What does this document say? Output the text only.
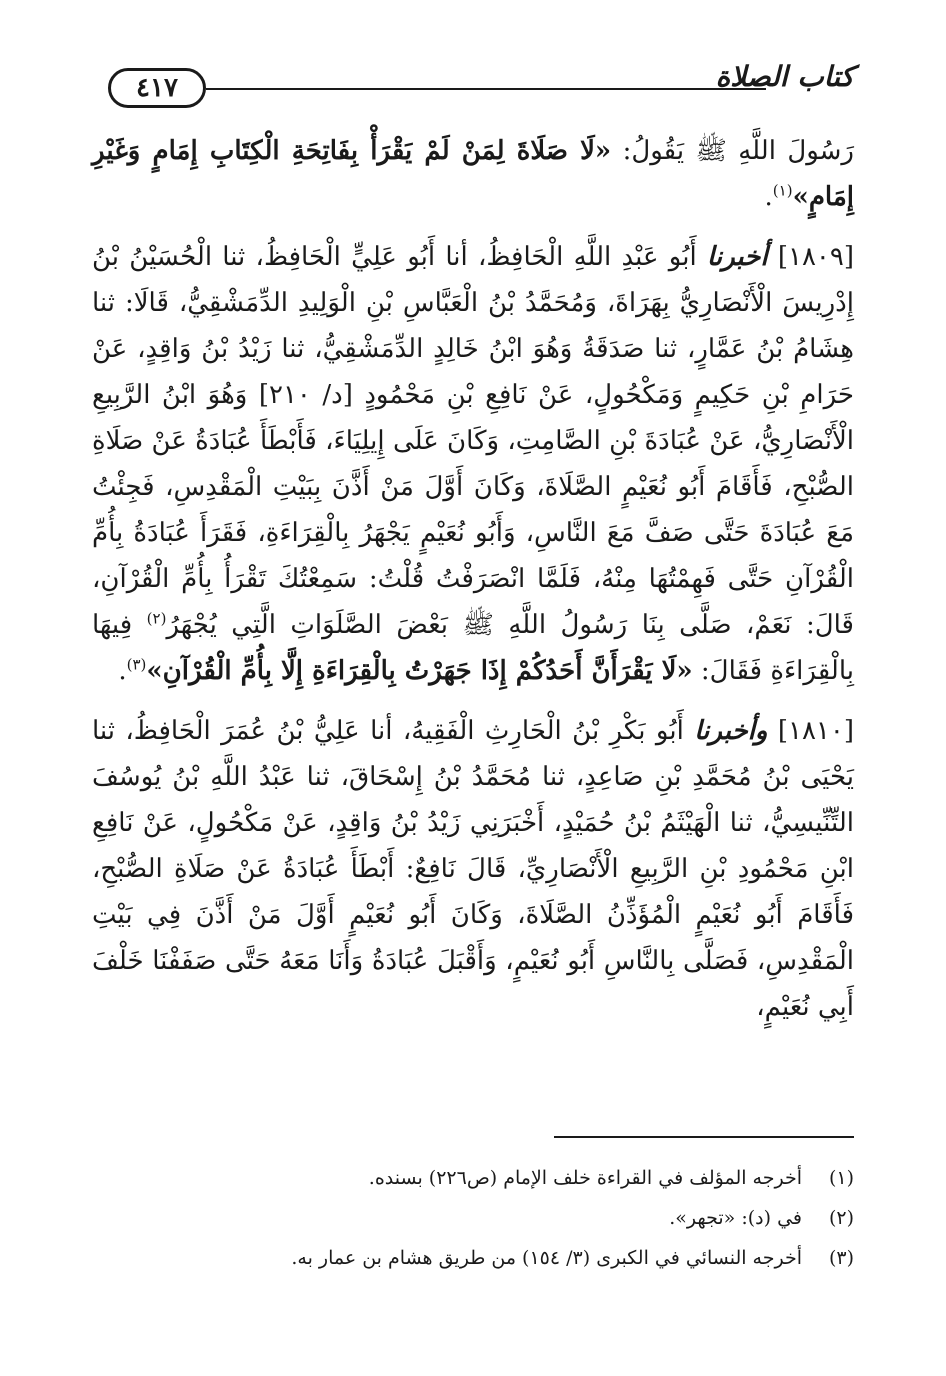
كتاب الصلاة
٤١٧

رَسُولَ اللَّهِ ﷺ يَقُولُ: «لَا صَلَاةَ لِمَنْ لَمْ يَقْرَأْ بِفَاتِحَةِ الْكِتَابِ إِمَامٍ وَغَيْرِ إِمَامٍ»$^{(١)}$.

[١٨٠٩] أخبرنا أَبُو عَبْدِ اللَّهِ الْحَافِظُ، أنا أَبُو عَلِيٍّ الْحَافِظُ، ثنا الْحُسَيْنُ بْنُ إِدْرِيسَ الْأَنْصَارِيُّ بِهَرَاةَ، وَمُحَمَّدُ بْنُ الْعَبَّاسِ بْنِ الْوَلِيدِ الدِّمَشْقِيُّ، قَالَا: ثنا هِشَامُ بْنُ عَمَّارٍ، ثنا صَدَقَةُ وَهُوَ ابْنُ خَالِدٍ الدِّمَشْقِيُّ، ثنا زَيْدُ بْنُ وَاقِدٍ، عَنْ حَرَامِ بْنِ حَكِيمٍ وَمَكْحُولٍ، عَنْ نَافِعِ بْنِ مَحْمُودٍ [د/ ٢١٠] وَهُوَ ابْنُ الرَّبِيعِ الْأَنْصَارِيُّ، عَنْ عُبَادَةَ بْنِ الصَّامِتِ، وَكَانَ عَلَى إِيلِيَاءَ، فَأَبْطَأَ عُبَادَةُ عَنْ صَلَاةِ الصُّبْحِ، فَأَقَامَ أَبُو نُعَيْمٍ الصَّلَاةَ، وَكَانَ أَوَّلَ مَنْ أَذَّنَ بِبَيْتِ الْمَقْدِسِ، فَجِئْتُ مَعَ عُبَادَةَ حَتَّى صَفَّ مَعَ النَّاسِ، وَأَبُو نُعَيْمٍ يَجْهَرُ بِالْقِرَاءَةِ، فَقَرَأَ عُبَادَةُ بِأُمِّ الْقُرْآنِ حَتَّى فَهِمْتُهَا مِنْهُ، فَلَمَّا انْصَرَفْتُ قُلْتُ: سَمِعْتُكَ تَقْرَأُ بِأُمِّ الْقُرْآنِ، قَالَ: نَعَمْ، صَلَّى بِنَا رَسُولُ اللَّهِ ﷺ بَعْضَ الصَّلَوَاتِ الَّتِي يُجْهَرُ$^{(٢)}$ فِيهَا بِالْقِرَاءَةِ فَقَالَ: «لَا يَقْرَأَنَّ أَحَدُكُمْ إِذَا جَهَرْتُ بِالْقِرَاءَةِ إِلَّا بِأُمِّ الْقُرْآنِ»$^{(٣)}$.

[١٨١٠] وأخبرنا أَبُو بَكْرِ بْنُ الْحَارِثِ الْفَقِيهُ، أنا عَلِيُّ بْنُ عُمَرَ الْحَافِظُ، ثنا يَحْيَى بْنُ مُحَمَّدِ بْنِ صَاعِدٍ، ثنا مُحَمَّدُ بْنُ إِسْحَاقَ، ثنا عَبْدُ اللَّهِ بْنُ يُوسُفَ التِّنِّيسِيُّ، ثنا الْهَيْثَمُ بْنُ حُمَيْدٍ، أَخْبَرَنِي زَيْدُ بْنُ وَاقِدٍ، عَنْ مَكْحُولٍ، عَنْ نَافِعِ ابْنِ مَحْمُودِ بْنِ الرَّبِيعِ الْأَنْصَارِيِّ، قَالَ نَافِعٌ: أَبْطَأَ عُبَادَةُ عَنْ صَلَاةِ الصُّبْحِ، فَأَقَامَ أَبُو نُعَيْمٍ الْمُؤَذِّنُ الصَّلَاةَ، وَكَانَ أَبُو نُعَيْمٍ أَوَّلَ مَنْ أَذَّنَ فِي بَيْتِ الْمَقْدِسِ، فَصَلَّى بِالنَّاسِ أَبُو نُعَيْمٍ، وَأَقْبَلَ عُبَادَةُ وَأَنَا مَعَهُ حَتَّى صَفَفْنَا خَلْفَ أَبِي نُعَيْمٍ،

(١)
أخرجه المؤلف في القراءة خلف الإمام (ص٢٢٦) بسنده.
(٢)
في (د): «تجهر».
(٣)
أخرجه النسائي في الكبرى (٣/ ١٥٤) من طريق هشام بن عمار به.
